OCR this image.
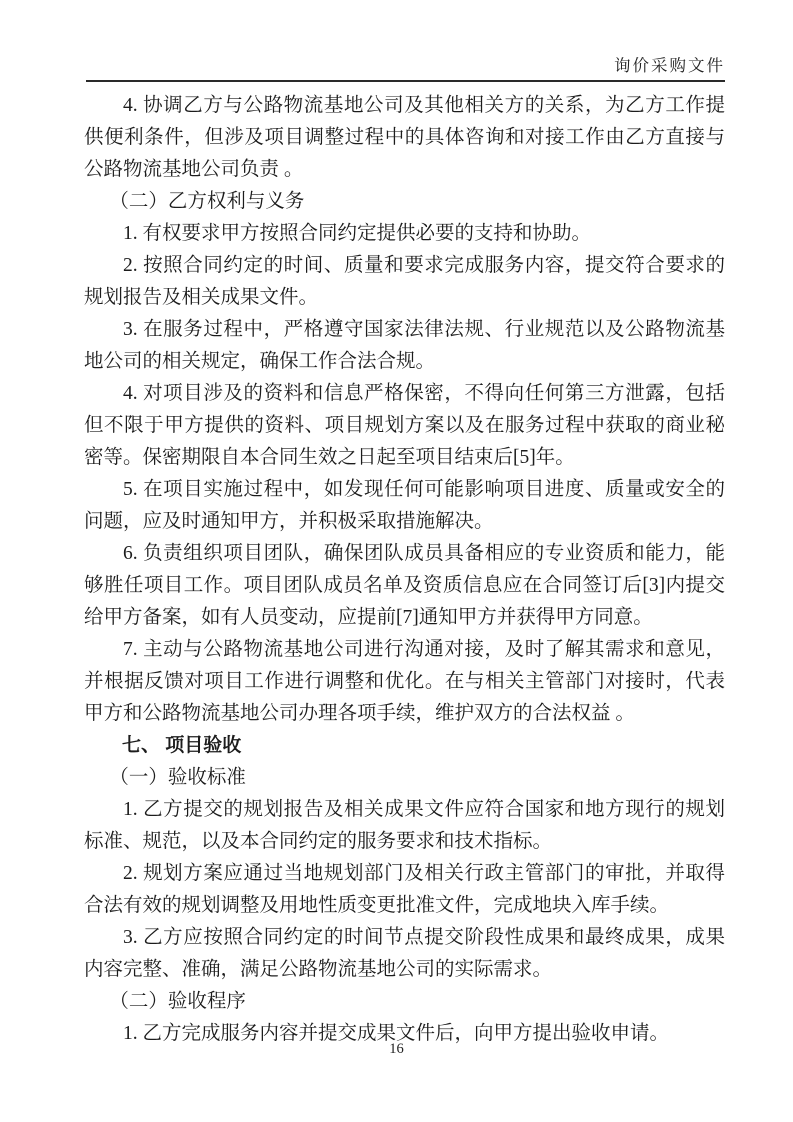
询价采购文件

4. 协调乙方与公路物流基地公司及其他相关方的关系，为乙方工作提供便利条件，但涉及项目调整过程中的具体咨询和对接工作由乙方直接与公路物流基地公司负责 。

（二）乙方权利与义务

1. 有权要求甲方按照合同约定提供必要的支持和协助。

2. 按照合同约定的时间、质量和要求完成服务内容，提交符合要求的规划报告及相关成果文件。

3. 在服务过程中，严格遵守国家法律法规、行业规范以及公路物流基地公司的相关规定，确保工作合法合规。

4. 对项目涉及的资料和信息严格保密，不得向任何第三方泄露，包括但不限于甲方提供的资料、项目规划方案以及在服务过程中获取的商业秘密等。保密期限自本合同生效之日起至项目结束后[5]年。

5. 在项目实施过程中，如发现任何可能影响项目进度、质量或安全的问题，应及时通知甲方，并积极采取措施解决。

6. 负责组织项目团队，确保团队成员具备相应的专业资质和能力，能够胜任项目工作。项目团队成员名单及资质信息应在合同签订后[3]内提交给甲方备案，如有人员变动，应提前[7]通知甲方并获得甲方同意。

7. 主动与公路物流基地公司进行沟通对接，及时了解其需求和意见，并根据反馈对项目工作进行调整和优化。在与相关主管部门对接时，代表甲方和公路物流基地公司办理各项手续，维护双方的合法权益 。

七、 项目验收

（一）验收标准

1. 乙方提交的规划报告及相关成果文件应符合国家和地方现行的规划标准、规范，以及本合同约定的服务要求和技术指标。

2. 规划方案应通过当地规划部门及相关行政主管部门的审批，并取得合法有效的规划调整及用地性质变更批准文件，完成地块入库手续。

3. 乙方应按照合同约定的时间节点提交阶段性成果和最终成果，成果内容完整、准确，满足公路物流基地公司的实际需求。

（二）验收程序

1. 乙方完成服务内容并提交成果文件后，向甲方提出验收申请。

16
